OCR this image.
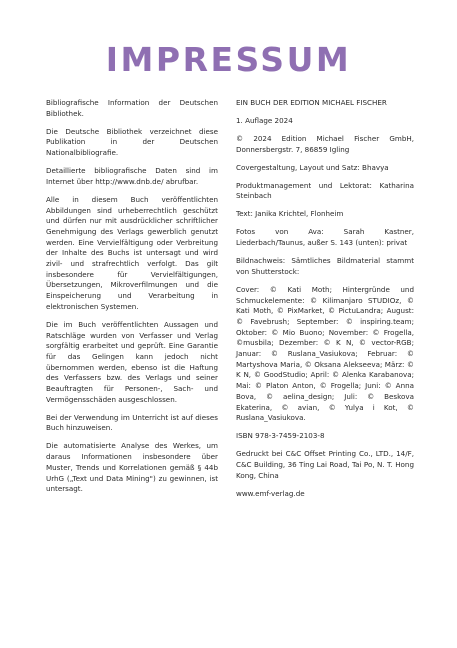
IMPRESSUM

Bibliografische Information der Deutschen Bibliothek.

Die Deutsche Bibliothek verzeichnet diese Publikation in der Deutschen Nationalbibliografie.

Detaillierte bibliografische Daten sind im Internet über http://www.dnb.de/ abrufbar.

Alle in diesem Buch veröffentlichten Abbildungen sind urheberrechtlich geschützt und dürfen nur mit ausdrücklicher schriftlicher Genehmigung des Verlags gewerblich genutzt werden. Eine Vervielfältigung oder Verbreitung der Inhalte des Buchs ist untersagt und wird zivil- und strafrechtlich verfolgt. Das gilt insbesondere für Vervielfältigungen, Übersetzungen, Mikroverfilmungen und die Einspeicherung und Verarbeitung in elektronischen Systemen.

Die im Buch veröffentlichten Aussagen und Ratschläge wurden von Verfasser und Verlag sorgfältig erarbeitet und geprüft. Eine Garantie für das Gelingen kann jedoch nicht übernommen werden, ebenso ist die Haftung des Verfassers bzw. des Verlags und seiner Beauftragten für Personen-, Sach- und Vermögensschäden ausgeschlossen.

Bei der Verwendung im Unterricht ist auf dieses Buch hinzuweisen.

Die automatisierte Analyse des Werkes, um daraus Informationen insbesondere über Muster, Trends und Korrelationen gemäß § 44b UrhG („Text und Data Mining") zu gewinnen, ist untersagt.

EIN BUCH DER EDITION MICHAEL FISCHER

1. Auflage 2024

© 2024 Edition Michael Fischer GmbH, Donnersbergstr. 7, 86859 Igling

Covergestaltung, Layout und Satz: Bhavya

Produktmanagement und Lektorat: Katharina Steinbach

Text: Janika Krichtel, Flonheim

Fotos von Ava: Sarah Kastner, Liederbach/Taunus, außer S. 143 (unten): privat

Bildnachweis: Sämtliches Bildmaterial stammt von Shutterstock:

Cover: © Kati Moth; Hintergründe und Schmuckelemente: © Kilimanjaro STUDIOz, © Kati Moth, © PixMarket, © PictuLandra; August: © Favebrush; September: © inspiring.team; Oktober: © Mio Buono; November: © Frogella, ©musbila; Dezember: © K N, © vector-RGB; Januar: © Ruslana_Vasiukova; Februar: © Martyshova Maria, © Oksana Alekseeva; März: © K N, © GoodStudio; April: © Alenka Karabanova; Mai: © Platon Anton, © Frogella; Juni: © Anna Bova, © aelina_design; Juli: © Beskova Ekaterina, © avian, © Yulya i Kot, © Ruslana_Vasiukova.

ISBN 978-3-7459-2103-8

Gedruckt bei C&C Offset Printing Co., LTD., 14/F, C&C Building, 36 Ting Lai Road, Tai Po, N. T. Hong Kong, China

www.emf-verlag.de
